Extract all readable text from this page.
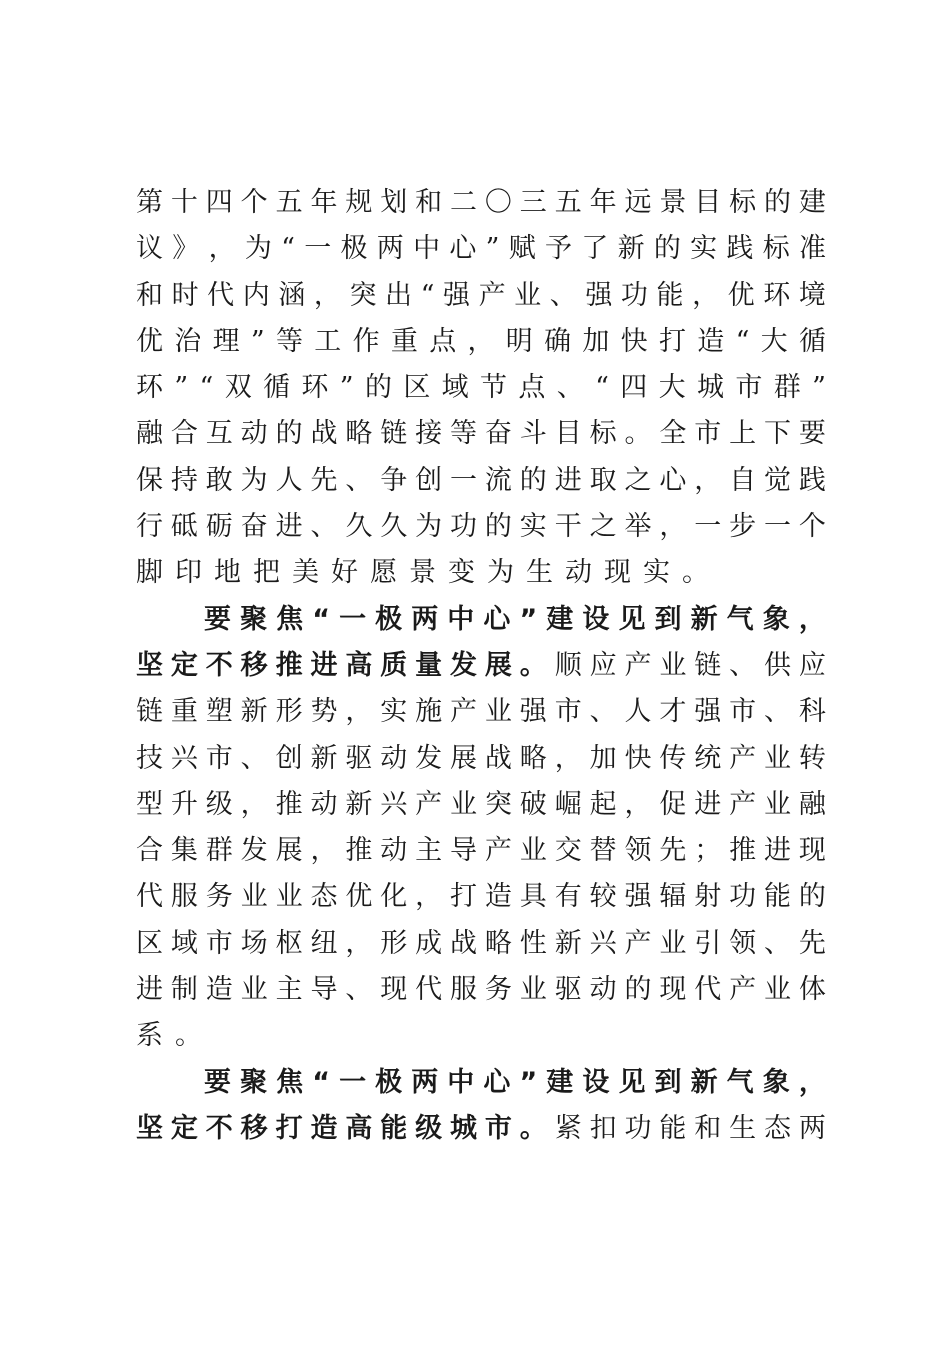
第 十 四 个 五 年 规 划 和 二 〇 三 五 年 远 景 目 标 的 建
议 》 ， 为 “ 一 极 两 中 心 ” 赋 予 了 新 的 实 践 标 准
和 时 代 内 涵 ， 突 出 “ 强 产 业 、 强 功 能 ， 优 环 境
优 治 理 ” 等 工 作 重 点 ， 明 确 加 快 打 造 “ 大 循
环 ” “ 双 循 环 ” 的 区 域 节 点 、 “ 四 大 城 市 群 ”
融 合 互 动 的 战 略 链 接 等 奋 斗 目 标 。 全 市 上 下 要
保 持 敢 为 人 先 、 争 创 一 流 的 进 取 之 心 ， 自 觉 践
行 砥 砺 奋 进 、 久 久 为 功 的 实 干 之 举 ， 一 步 一 个
脚 印 地 把 美 好 愿 景 变 为 生 动 现 实 。
要 聚 焦 “ 一 极 两 中 心 ” 建 设 见 到 新 气 象 ，
坚 定 不 移 推 进 高 质 量 发 展 。 顺 应 产 业 链 、 供 应
链 重 塑 新 形 势 ， 实 施 产 业 强 市 、 人 才 强 市 、 科
技 兴 市 、 创 新 驱 动 发 展 战 略 ， 加 快 传 统 产 业 转
型 升 级 ， 推 动 新 兴 产 业 突 破 崛 起 ， 促 进 产 业 融
合 集 群 发 展 ， 推 动 主 导 产 业 交 替 领 先 ； 推 进 现
代 服 务 业 业 态 优 化 ， 打 造 具 有 较 强 辐 射 功 能 的
区 域 市 场 枢 纽 ， 形 成 战 略 性 新 兴 产 业 引 领 、 先
进 制 造 业 主 导 、 现 代 服 务 业 驱 动 的 现 代 产 业 体
系 。
要 聚 焦 “ 一 极 两 中 心 ” 建 设 见 到 新 气 象 ，
坚 定 不 移 打 造 高 能 级 城 市 。 紧 扣 功 能 和 生 态 两
